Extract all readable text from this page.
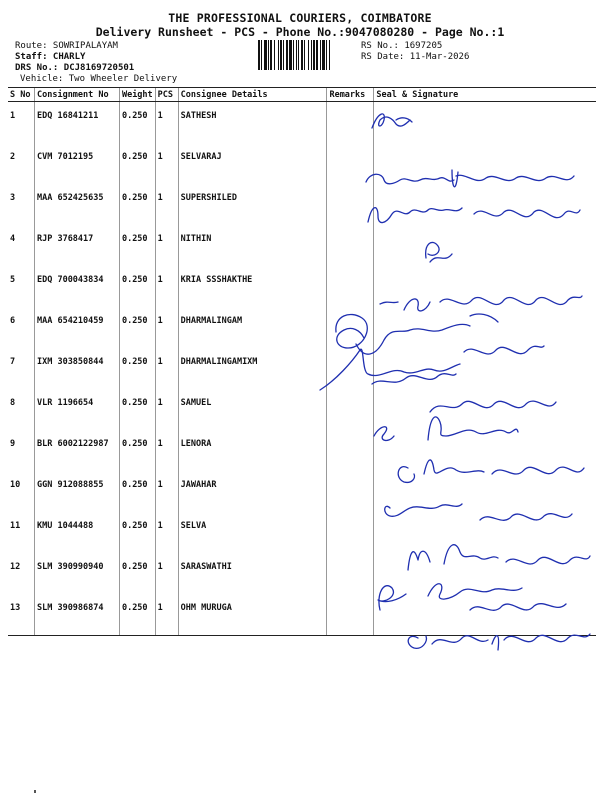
THE PROFESSIONAL COURIERS, COIMBATORE
Delivery Runsheet - PCS - Phone No.:9047080280 - Page No.:1
Route: SOWRIPALAYAM
Staff: CHARLY
DRS No.: DCJ8169720501
Vehicle: Two Wheeler Delivery
RS No.: 1697205
RS Date: 11-Mar-2026
S No	Consignment No	Weight	PCS	Consignee Details	Remarks	Seal & Signature
1	EDQ 16841211	0.250	1	SATHESH		
2	CVM 7012195	0.250	1	SELVARAJ		
3	MAA 652425635	0.250	1	SUPERSHILED		
4	RJP 3768417	0.250	1	NITHIN		
5	EDQ 700043834	0.250	1	KRIA SSSHAKTHE		
6	MAA 654210459	0.250	1	DHARMALINGAM		
7	IXM 303850844	0.250	1	DHARMALINGAMIXM		
8	VLR 1196654	0.250	1	SAMUEL		
9	BLR 6002122987	0.250	1	LENORA		
10	GGN 912088855	0.250	1	JAWAHAR		
11	KMU 1044488	0.250	1	SELVA		
12	SLM 390990940	0.250	1	SARASWATHI		
13	SLM 390986874	0.250	1	OHM MURUGA		
